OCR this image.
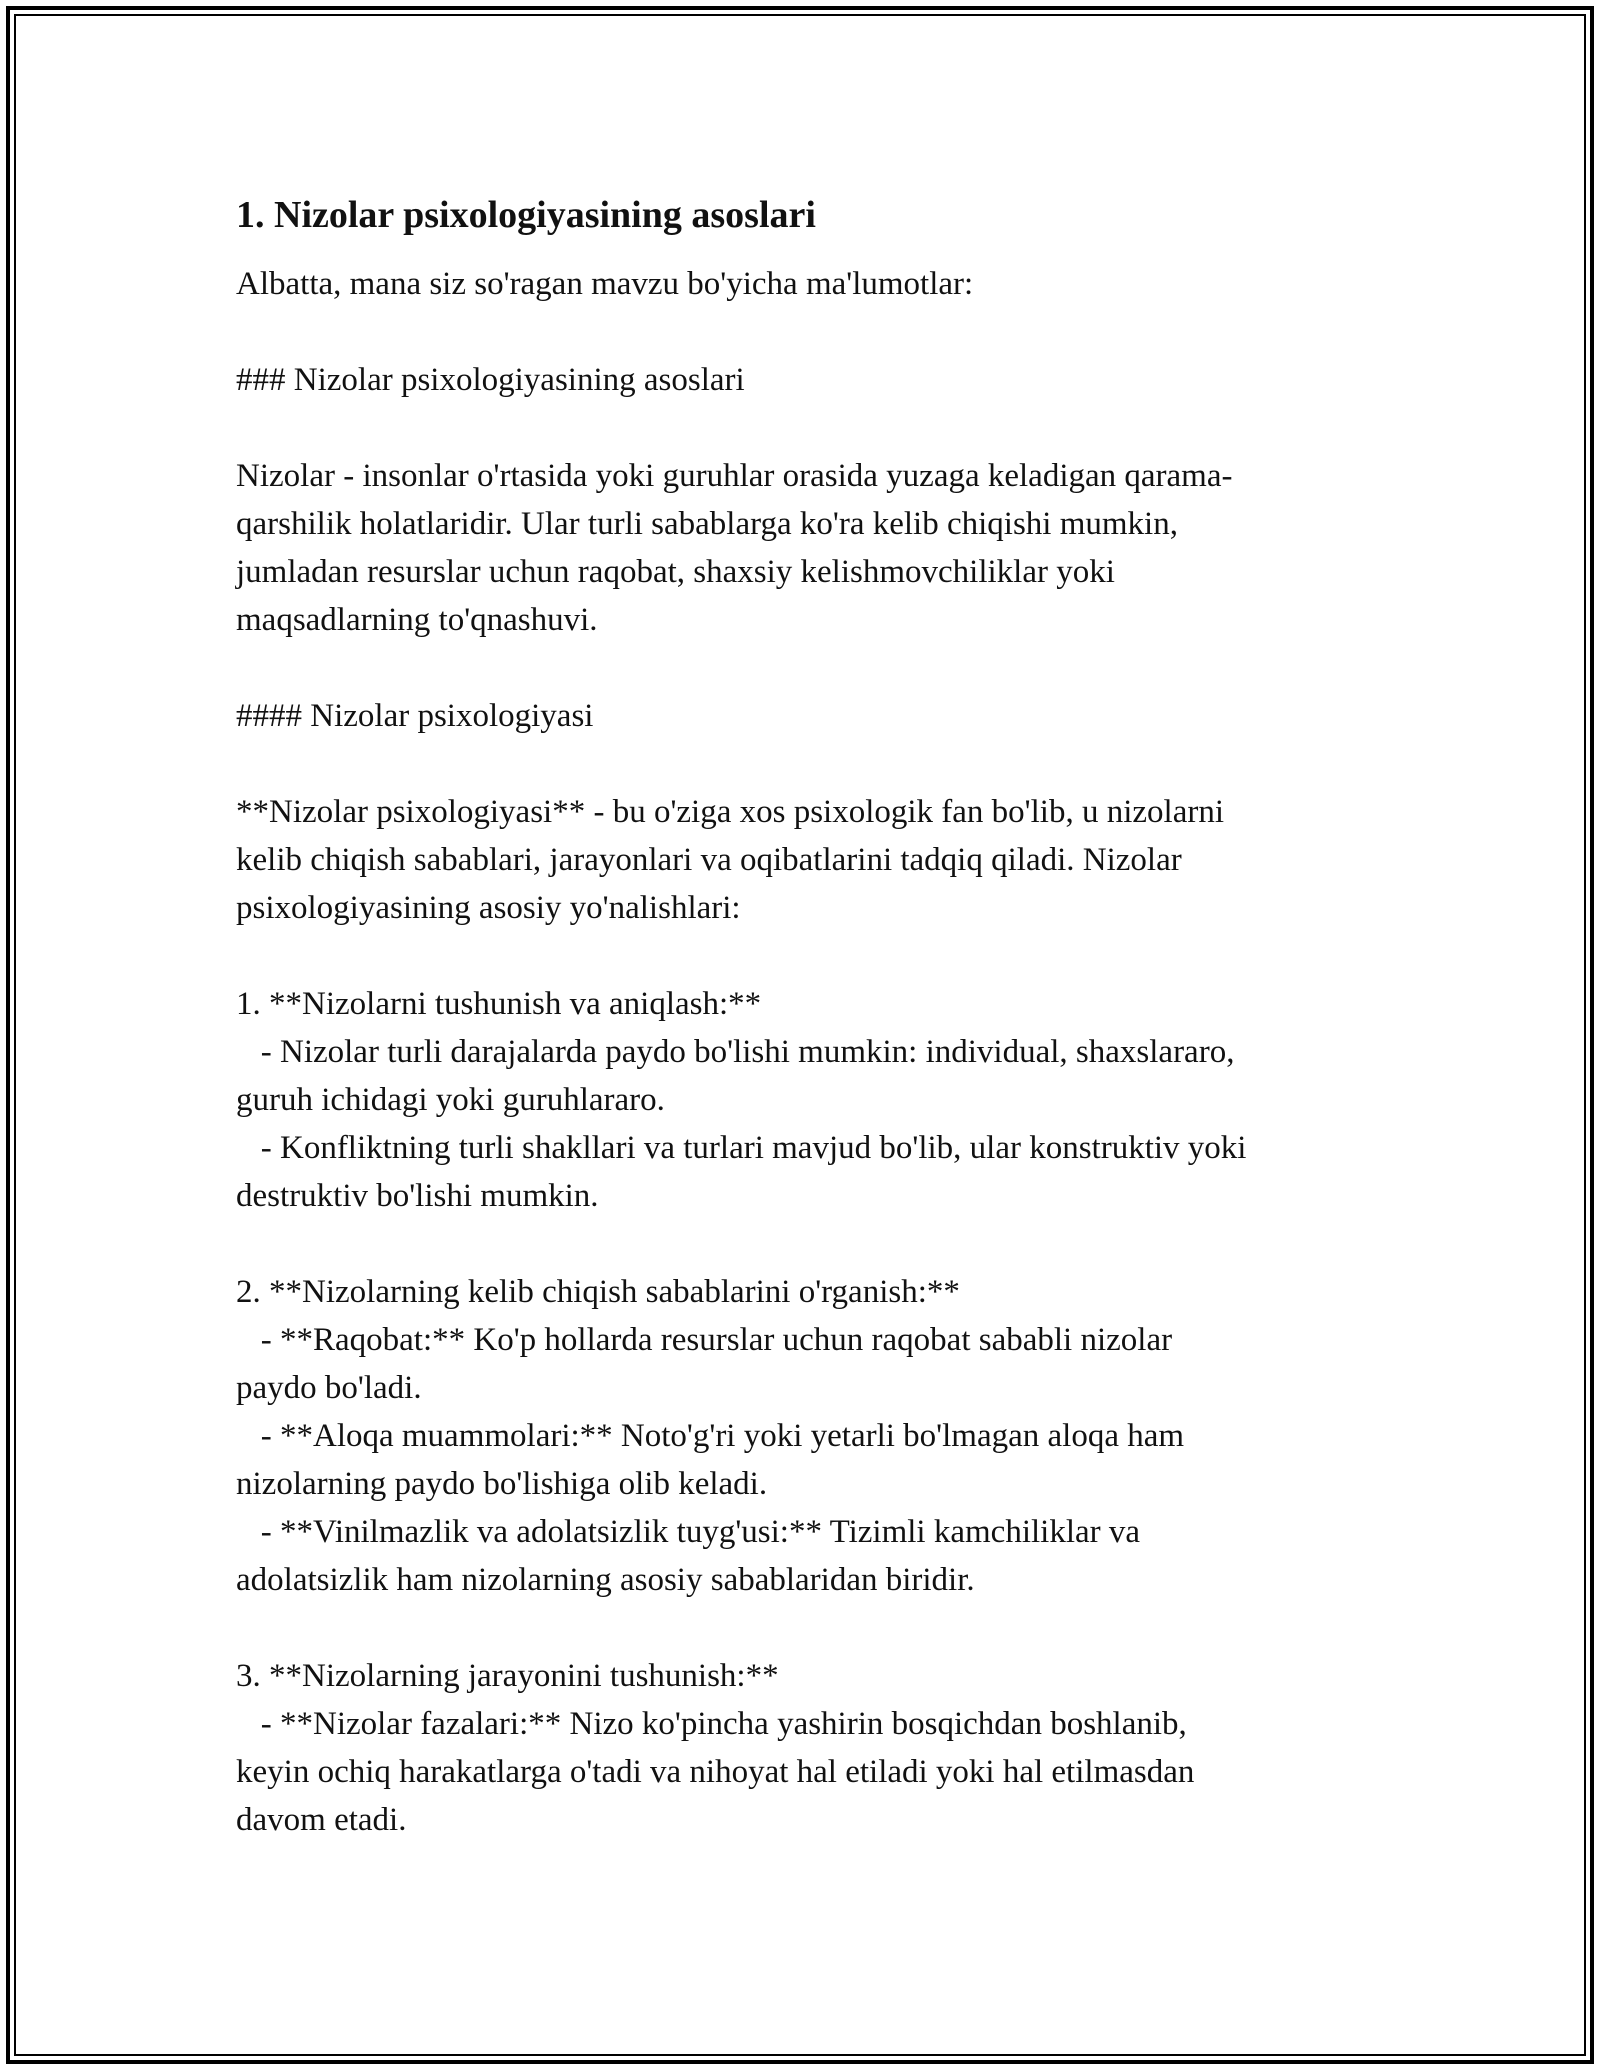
1. Nizolar psixologiyasining asoslari

Albatta, mana siz so'ragan mavzu bo'yicha ma'lumotlar:

### Nizolar psixologiyasining asoslari

Nizolar - insonlar o'rtasida yoki guruhlar orasida yuzaga keladigan qarama-
qarshilik holatlaridir. Ular turli sabablarga ko'ra kelib chiqishi mumkin,
jumladan resurslar uchun raqobat, shaxsiy kelishmovchiliklar yoki
maqsadlarning to'qnashuvi.

#### Nizolar psixologiyasi

**Nizolar psixologiyasi** - bu o'ziga xos psixologik fan bo'lib, u nizolarni
kelib chiqish sabablari, jarayonlari va oqibatlarini tadqiq qiladi. Nizolar
psixologiyasining asosiy yo'nalishlari:

1. **Nizolarni tushunish va aniqlash:**
- Nizolar turli darajalarda paydo bo'lishi mumkin: individual, shaxslararo,
guruh ichidagi yoki guruhlararo.
- Konfliktning turli shakllari va turlari mavjud bo'lib, ular konstruktiv yoki
destruktiv bo'lishi mumkin.

2. **Nizolarning kelib chiqish sabablarini o'rganish:**
- **Raqobat:** Ko'p hollarda resurslar uchun raqobat sababli nizolar
paydo bo'ladi.
- **Aloqa muammolari:** Noto'g'ri yoki yetarli bo'lmagan aloqa ham
nizolarning paydo bo'lishiga olib keladi.
- **Vinilmazlik va adolatsizlik tuyg'usi:** Tizimli kamchiliklar va
adolatsizlik ham nizolarning asosiy sabablaridan biridir.

3. **Nizolarning jarayonini tushunish:**
- **Nizolar fazalari:** Nizo ko'pincha yashirin bosqichdan boshlanib,
keyin ochiq harakatlarga o'tadi va nihoyat hal etiladi yoki hal etilmasdan
davom etadi.
